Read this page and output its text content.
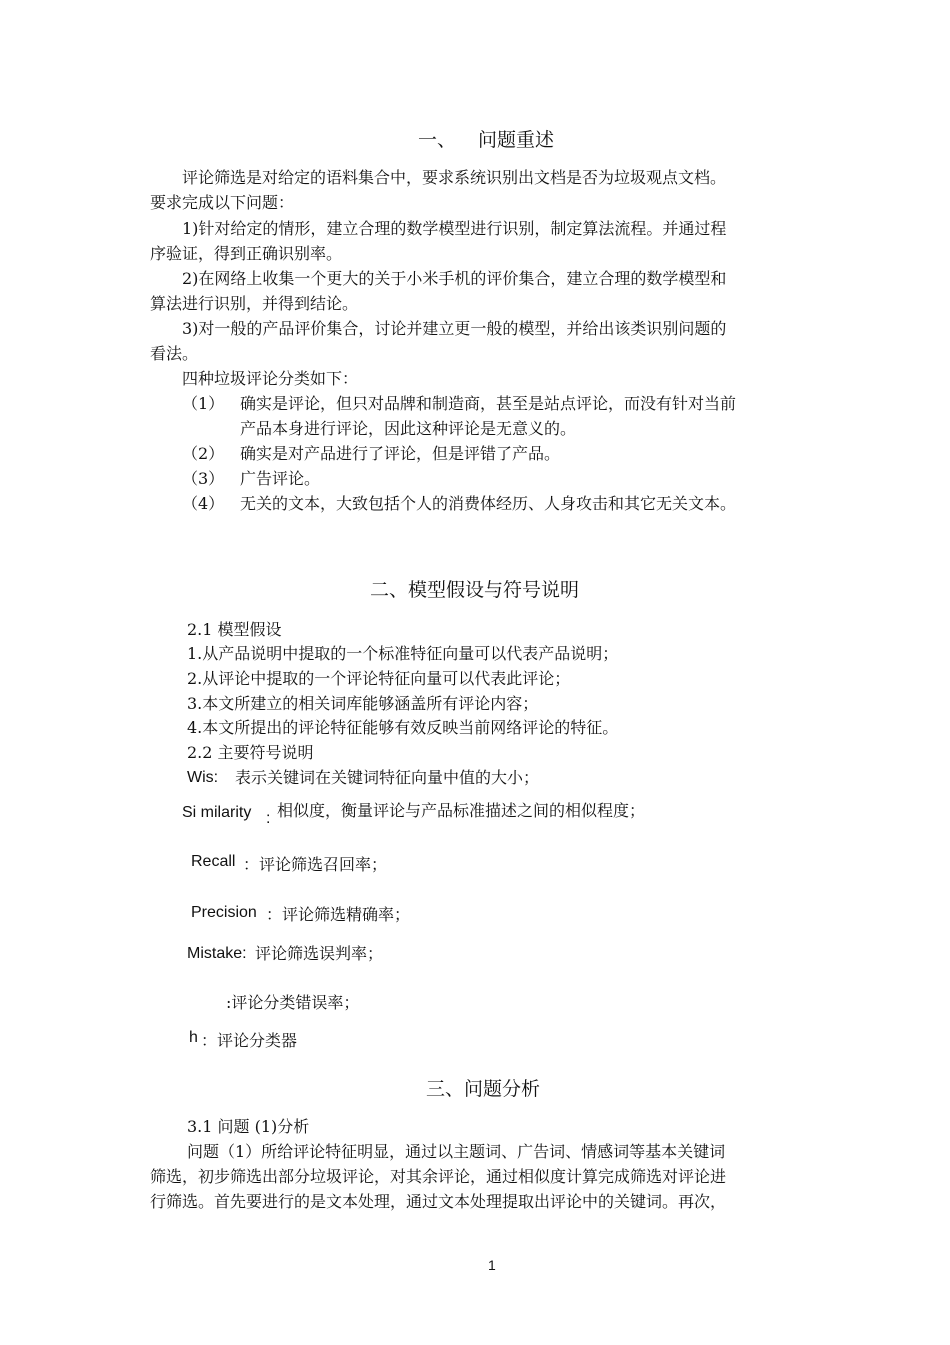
一、 问题重述
评论筛选是对给定的语料集合中，要求系统识别出文档是否为垃圾观点文档。
要求完成以下问题：
1)针对给定的情形，建立合理的数学模型进行识别，制定算法流程。并通过程
序验证，得到正确识别率。
2)在网络上收集一个更大的关于小米手机的评价集合，建立合理的数学模型和
算法进行识别，并得到结论。
3)对一般的产品评价集合，讨论并建立更一般的模型，并给出该类识别问题的
看法。
四种垃圾评论分类如下：
（1） 确实是评论，但只对品牌和制造商，甚至是站点评论，而没有针对当前
产品本身进行评论，因此这种评论是无意义的。
（2） 确实是对产品进行了评论，但是评错了产品。
（3） 广告评论。
（4） 无关的文本，大致包括个人的消费体经历、人身攻击和其它无关文本。
二、模型假设与符号说明
2.1 模型假设
1.从产品说明中提取的一个标准特征向量可以代表产品说明；
2.从评论中提取的一个评论特征向量可以代表此评论；
3.本文所建立的相关词库能够涵盖所有评论内容；
4.本文所提出的评论特征能够有效反映当前网络评论的特征。
2.2 主要符号说明
Wis: 表示关键词在关键词特征向量中值的大小；
Si milarity : 相似度，衡量评论与产品标准描述之间的相似程度；
Recall ：评论筛选召回率；
Precision ：评论筛选精确率；
Mistake: 评论筛选误判率；
:评论分类错误率；
h ：评论分类器
三、问题分析
3.1 问题 (1)分析
问题（1）所给评论特征明显，通过以主题词、广告词、情感词等基本关键词
筛选，初步筛选出部分垃圾评论，对其余评论，通过相似度计算完成筛选对评论进
行筛选。首先要进行的是文本处理，通过文本处理提取出评论中的关键词。再次，
1
